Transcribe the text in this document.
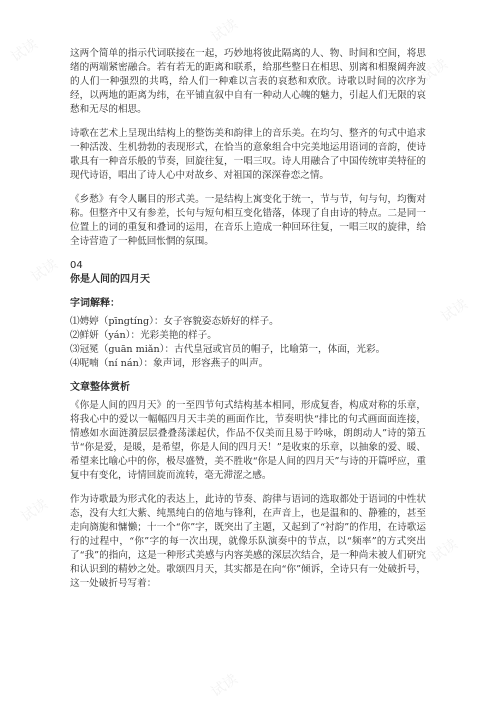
试读
试读
试读
试读
试读
试读
试读
试读

这两个简单的指示代词联接在一起，巧妙地将彼此隔离的人、物、时间和空间，将思绪的两端紧密融合。若有若无的距离和联系，给那些整日在相思、别离和相聚阔奔波的人们一种强烈的共鸣，给人们一种难以言表的哀愁和欢欣。诗歌以时间的次序为经，以两地的距离为纬，在平铺直叙中自有一种动人心魄的魅力，引起人们无限的哀愁和无尽的相思。

诗歌在艺术上呈现出结构上的整饬美和韵律上的音乐美。在均匀、整齐的句式中追求一种活泼、生机勃勃的表现形式，在恰当的意象组合中完美地运用语词的音韵，使诗歌具有一种音乐般的节奏，回旋往复，一唱三叹。诗人用融合了中国传统审美特征的现代诗语，唱出了诗人心中对故乡、对祖国的深深眷恋之情。

《乡愁》有令人瞩目的形式美。一是结构上寓变化于统一，节与节，句与句，均衡对称。但整齐中又有参差，长句与短句相互变化错落，体现了自由诗的特点。二是同一位置上的词的重复和叠词的运用，在音乐上造成一种回环往复，一唱三叹的旋律，给全诗营造了一种低回怅惘的氛围。

04
你是人间的四月天
字词解释：

⑴娉婷（pīngtíng）：女子容貌姿态娇好的样子。

⑵鲜妍（yán）：光彩美艳的样子。

⑶冠冕（guān miǎn）：古代皇冠或官员的帽子，比喻第一，体面，光彩。

⑷呢喃（ní nán）：象声词，形容燕子的叫声。

文章整体赏析

《你是人间的四月天》的一至四节句式结构基本相同，形成复沓，构成对称的乐章，将我心中的爱以一幅幅四月天丰美的画面作比，节奏明快“排比的句式画面面连接，情感如水面涟漪层层叠叠荡漾起伏，作品不仅美而且易于吟咏，朗朗动人”诗的第五节“你是爱，是暖，是希望，你是人间的四月天！”是收束的乐章，以抽象的爱、暖、希望来比喻心中的你，极尽盛赞，美不胜收“你是人间的四月天”与诗的开篇呼应，重复中有变化，诗情回旋而流转，毫无滞涩之感。

作为诗歌最为形式化的表达上，此诗的节奏、韵律与语词的选取都处于语词的中性状态，没有大红大紫、纯黑纯白的倍地与锋利，在声音上，也是温和的、静雅的，甚至走向旖旎和慵懒；十一个“你”字，既突出了主题，又起到了“衬韵”的作用，在诗歌运行的过程中，“你”字的每一次出现，就像乐队演奏中的节点，以“频率”的方式突出了“我”的指向，这是一种形式美感与内容美感的深层次结合，是一种尚未被人们研究和认识到的精妙之处。歌颂四月天，其实都是在向“你”倾诉，全诗只有一处破折号，这一处破折号写着：
